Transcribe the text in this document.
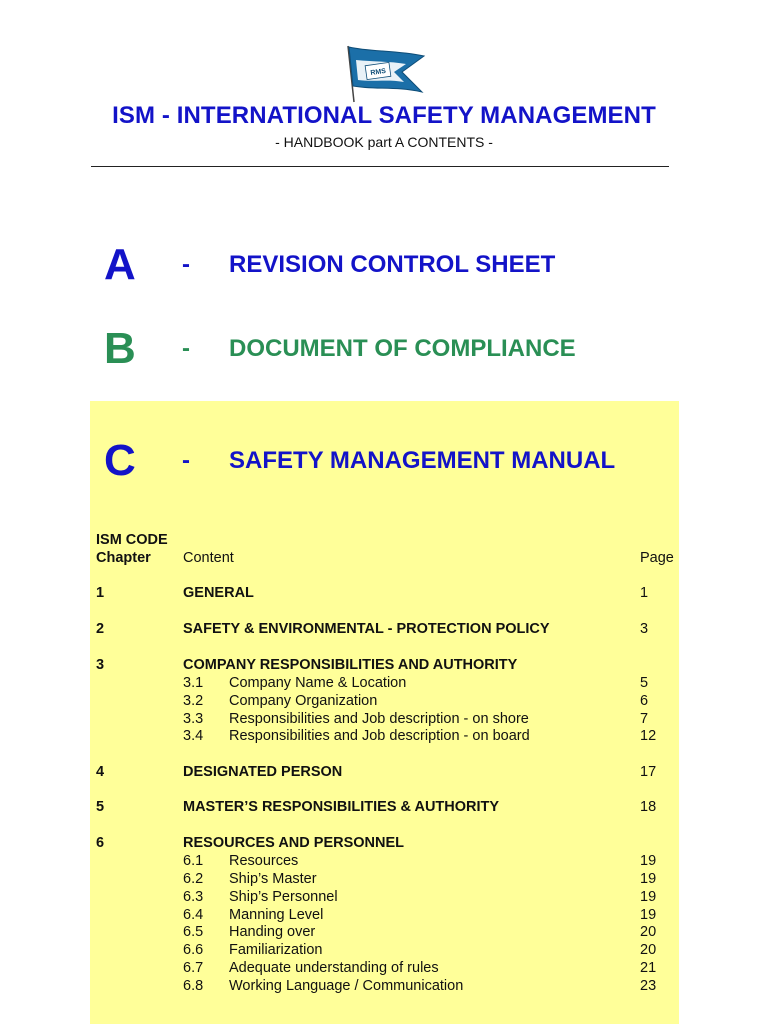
RMS
ISM - INTERNATIONAL SAFETY MANAGEMENT
- HANDBOOK part A CONTENTS -
A - REVISION CONTROL SHEET
B - DOCUMENT OF COMPLIANCE
C - SAFETY MANAGEMENT MANUAL
ISM CODE
Chapter Content	Page
1	GENERAL	1
2	SAFETY & ENVIRONMENTAL - PROTECTION POLICY	3
3	COMPANY RESPONSIBILITIES AND AUTHORITY
3.1 Company Name & Location	5
3.2 Company Organization	6
3.3 Responsibilities and Job description - on shore	7
3.4 Responsibilities and Job description - on board	12
4	DESIGNATED PERSON	17
5	MASTER’S RESPONSIBILITIES & AUTHORITY	18
6	RESOURCES AND PERSONNEL
6.1 Resources	19
6.2 Ship’s Master	19
6.3 Ship’s Personnel	19
6.4 Manning Level	19
6.5 Handing over	20
6.6 Familiarization	20
6.7 Adequate understanding of rules	21
6.8 Working Language / Communication	23
